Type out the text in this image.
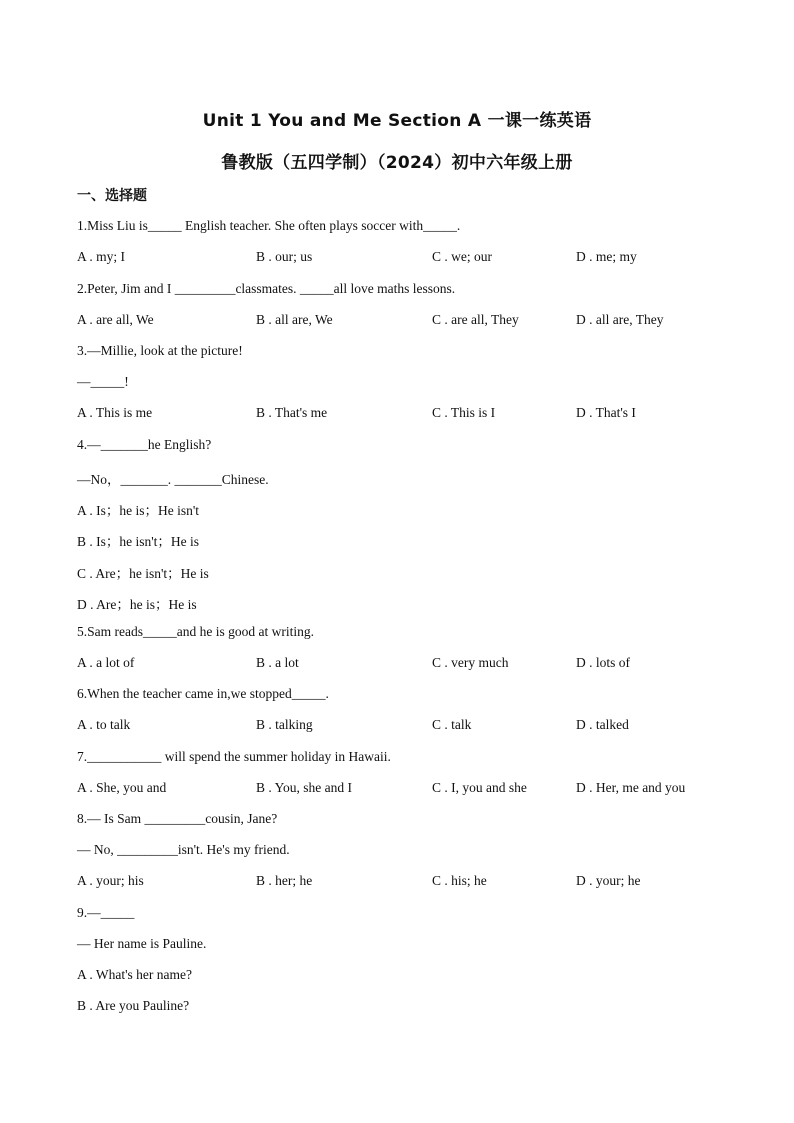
Unit 1 You and Me Section A 一课一练英语
鲁教版（五四学制）（2024）初中六年级上册
一、选择题
1.Miss Liu is_____ English teacher. She often plays soccer with_____.
A . my; I	B . our; us	C . we; our	D . me; my
2.Peter, Jim and I _________classmates. _____all love maths lessons.
A . are all, We	B . all are, We	C . are all, They	D . all are, They
3.—Millie, look at the picture!
—_____!
A . This is me	B . That's me	C . This is I	D . That's I
4.—_______he English?
—No，_______. _______Chinese.
A . Is；he is；He isn't
B . Is；he isn't；He is
C . Are；he isn't；He is
D . Are；he is；He is
5.Sam reads_____and he is good at writing.
A . a lot of	B . a lot	C . very much	D . lots of
6.When the teacher came in,we stopped_____.
A . to talk	B . talking	C . talk	D . talked
7.___________ will spend the summer holiday in Hawaii.
A . She, you and	B . You, she and I	C . I, you and she	D . Her, me and you
8.— Is Sam _________cousin, Jane?
— No, _________isn't. He's my friend.
A . your; his	B . her; he	C . his; he	D . your; he
9.—_____
— Her name is Pauline.
A . What's her name?
B . Are you Pauline?
